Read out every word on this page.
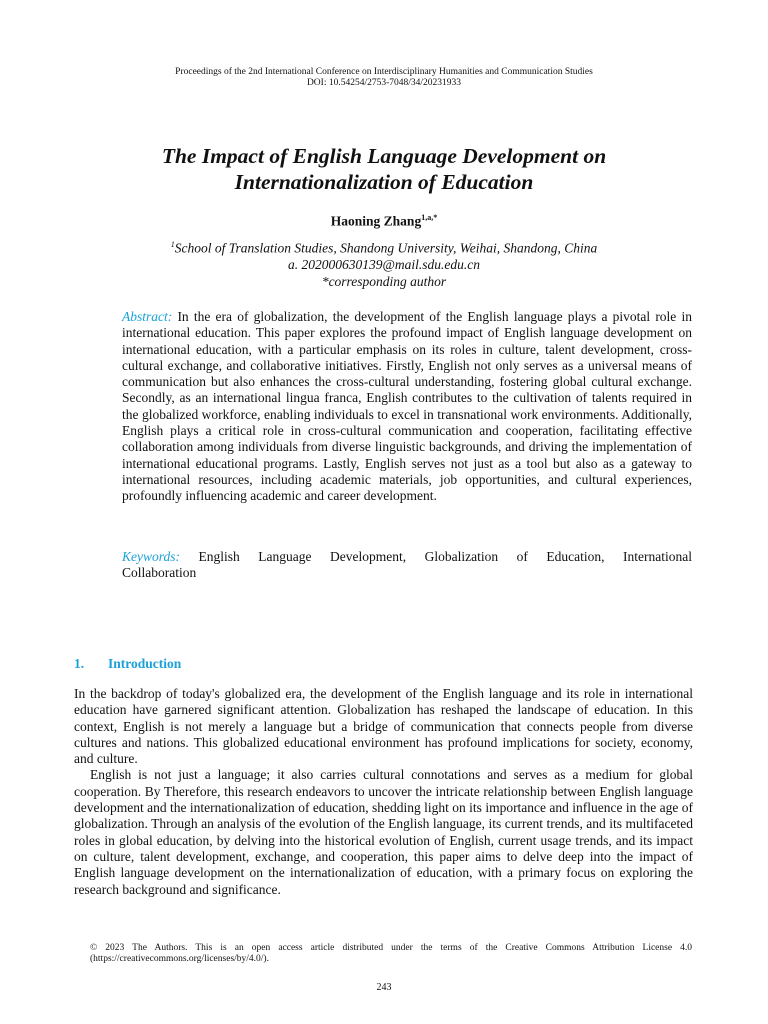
Proceedings of the 2nd International Conference on Interdisciplinary Humanities and Communication Studies
DOI: 10.54254/2753-7048/34/20231933
The Impact of English Language Development on
Internationalization of Education
Haoning Zhang$^{1,a,*}$
$^1$School of Translation Studies, Shandong University, Weihai, Shandong, China
a. 202000630139@mail.sdu.edu.cn
*corresponding author

Abstract: In the era of globalization, the development of the English language plays a pivotal role in international education. This paper explores the profound impact of English language development on international education, with a particular emphasis on its roles in culture, talent development, cross-cultural exchange, and collaborative initiatives. Firstly, English not only serves as a universal means of communication but also enhances the cross-cultural understanding, fostering global cultural exchange. Secondly, as an international lingua franca, English contributes to the cultivation of talents required in the globalized workforce, enabling individuals to excel in transnational work environments. Additionally, English plays a critical role in cross-cultural communication and cooperation, facilitating effective collaboration among individuals from diverse linguistic backgrounds, and driving the implementation of international educational programs. Lastly, English serves not just as a tool but also as a gateway to international resources, including academic materials, job opportunities, and cultural experiences, profoundly influencing academic and career development.

Keywords: English Language Development, Globalization of Education, International Collaboration

1. Introduction

In the backdrop of today's globalized era, the development of the English language and its role in international education have garnered significant attention. Globalization has reshaped the landscape of education. In this context, English is not merely a language but a bridge of communication that connects people from diverse cultures and nations. This globalized educational environment has profound implications for society, economy, and culture.

English is not just a language; it also carries cultural connotations and serves as a medium for global cooperation. By Therefore, this research endeavors to uncover the intricate relationship between English language development and the internationalization of education, shedding light on its importance and influence in the age of globalization. Through an analysis of the evolution of the English language, its current trends, and its multifaceted roles in global education, by delving into the historical evolution of English, current usage trends, and its impact on culture, talent development, exchange, and cooperation, this paper aims to delve deep into the impact of English language development on the internationalization of education, with a primary focus on exploring the research background and significance.

© 2023 The Authors. This is an open access article distributed under the terms of the Creative Commons Attribution License 4.0 (https://creativecommons.org/licenses/by/4.0/).
243
